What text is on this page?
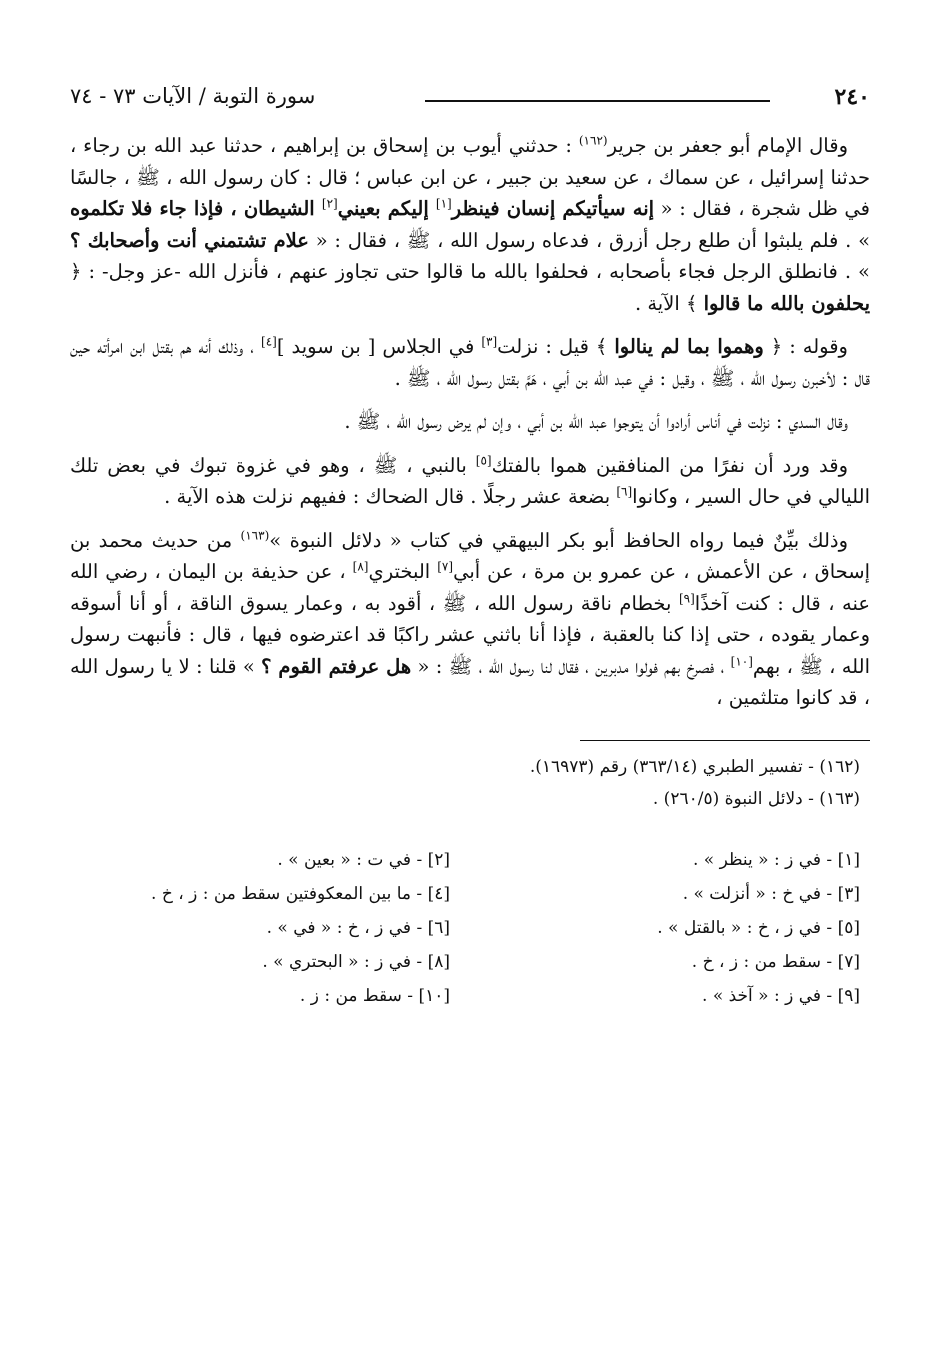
٢٤٠
سورة التوبة / الآيات ٧٣ - ٧٤

وقال الإمام أبو جعفر بن جرير$^{(١٦٢)}$ : حدثني أيوب بن إسحاق بن إبراهيم ، حدثنا عبد الله بن رجاء ، حدثنا إسرائيل ، عن سماك ، عن سعيد بن جبير ، عن ابن عباس ؛ قال : كان رسول الله ، ﷺ ، جالسًا في ظل شجرة ، فقال : « إنه سيأتيكم إنسان فينظر[١] إليكم بعيني[٢] الشيطان ، فإذا جاء فلا تكلموه » . فلم يلبثوا أن طلع رجل أزرق ، فدعاه رسول الله ، ﷺ ، فقال : « علام تشتمني أنت وأصحابك ؟ » . فانطلق الرجل فجاء بأصحابه ، فحلفوا بالله ما قالوا حتى تجاوز عنهم ، فأنزل الله -عز وجل- : ﴿ يحلفون بالله ما قالوا ﴾ الآية .

وقوله : ﴿ وهموا بما لم ينالوا ﴾ قيل : نزلت[٣] في الجلاس [ بن سويد ][٤] ، وذلك أنه هم بقتل ابن امرأته حين قال : لأخبرن رسول الله ، ﷺ ، وقيل : في عبد الله بن أبي ، هَمَّ بقتل رسول الله ، ﷺ .

وقال السدي : نزلت في أناس أرادوا أن يتوجوا عبد الله بن أبي ، وإن لم يرض رسول الله ، ﷺ .

وقد ورد أن نفرًا من المنافقين هموا بالفتك[٥] بالنبي ، ﷺ ، وهو في غزوة تبوك في بعض تلك الليالي في حال السير ، وكانوا[٦] بضعة عشر رجلًا . قال الضحاك : ففيهم نزلت هذه الآية .

وذلك بيِّنٌ فيما رواه الحافظ أبو بكر البيهقي في كتاب « دلائل النبوة »$^{(١٦٣)}$ من حديث محمد بن إسحاق ، عن الأعمش ، عن عمرو بن مرة ، عن أبي[٧] البختري[٨] ، عن حذيفة بن اليمان ، رضي الله عنه ، قال : كنت آخذًا[٩] بخطام ناقة رسول الله ، ﷺ ، أقود به ، وعمار يسوق الناقة ، أو أنا أسوقه وعمار يقوده ، حتى إذا كنا بالعقبة ، فإذا أنا باثني عشر راكبًا قد اعترضوه فيها ، قال : فأنبهت رسول الله ، ﷺ ، بهم[١٠] ، فصرخ بهم فولوا مدبرين ، فقال لنا رسول الله ، ﷺ : « هل عرفتم القوم ؟ » قلنا : لا يا رسول الله ، قد كانوا متلثمين ،

(١٦٢) - تفسير الطبري (٣٦٣/١٤) رقم (١٦٩٧٣).
(١٦٣) - دلائل النبوة (٢٦٠/٥) .
[١] - في ز : « ينظر » .
[٢] - في ت : « بعين » .
[٣] - في خ : « أنزلت » .
[٤] - ما بين المعكوفتين سقط من : ز ، خ .
[٥] - في ز ، خ : « بالقتل » .
[٦] - في ز ، خ : « في » .
[٧] - سقط من : ز ، خ .
[٨] - في ز : « البحتري » .
[٩] - في ز : « آخذ » .
[١٠] - سقط من : ز .
